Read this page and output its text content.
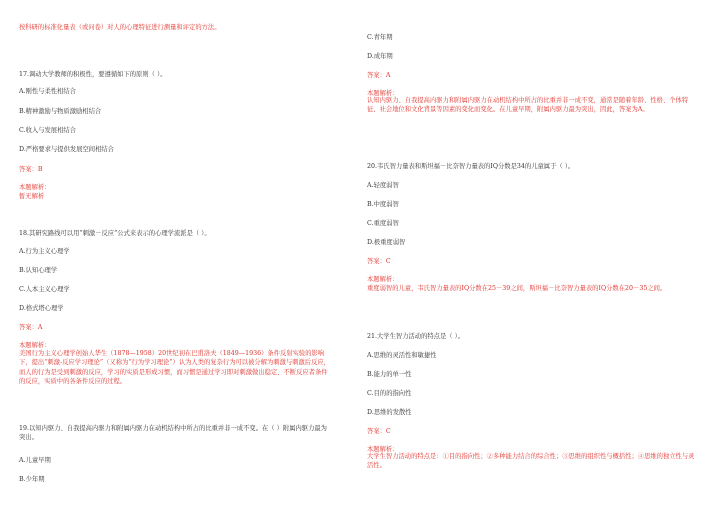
按科研的标准化量表（或问卷）对人的心理特征进行测量和评定的方法。
17.调动大学教师的积极性，要遵循如下的原则（ ）。
A.刚性与柔性相结合
B.精神激励与物质激励相结合
C.收入与发展相结合
D.严格要求与提供发展空间相结合
答案：B
本题解析：
暂无解析
18.其研究路线可以用“刺激－反应”公式来表示的心理学流派是（ ）。
A.行为主义心理学
B.认知心理学
C.人本主义心理学
D.格式塔心理学
答案：A
本题解析：
美国行为主义心理学创始人华生（1878—1958）20世纪初在巴甫洛夫（1849—1936）条件反射实验的影响下，提出“刺激-反应学习理论”（又称为“行为学习理论”）认为人类的复杂行为可以被分解为刺激与刺激后反应，而人的行为是受到刺激的反应，学习的实质是形成习惯，而习惯是通过学习即对刺激做出稳定、不断反应者条件的反应，实质中的各条件反应的过程。
19.以知内驱力、自我提高内驱力和附属内驱力在动机结构中所占的比重并非一成不变。在（ ）附属内驱力最为突出。
A.儿童早期
B.少年期
C.青年期
D.成年期
答案：A
本题解析：
认知内驱力、自我提高内驱力和附属内驱力在动机结构中所占的比重并非一成不变，通常是随着年龄、性格、个体特征、社会地位和文化背景等因素的变化而变化。在儿童早期，附属内驱力最为突出，因此，答案为A。
20.韦氏智力量表和斯坦福－比奈智力量表的IQ分数是34的儿童属于（ ）。
A.轻度弱智
B.中度弱智
C.重度弱智
D.极重度弱智
答案：C
本题解析：
重度弱智的儿童，韦氏智力量表的IQ分数在25－39之间，斯坦福－比奈智力量表的IQ分数在20－35之间。
21.大学生智力活动的特点是（ ）。
A.思维的灵活性和敏捷性
B.能力的单一性
C.目的的指向性
D.思维的发散性
答案：C
本题解析：
大学生智力活动的特点是：①目的指向性；②多种能力结合的综合性；③思维的组织性与概括性；④思维的独立性与灵活性。
